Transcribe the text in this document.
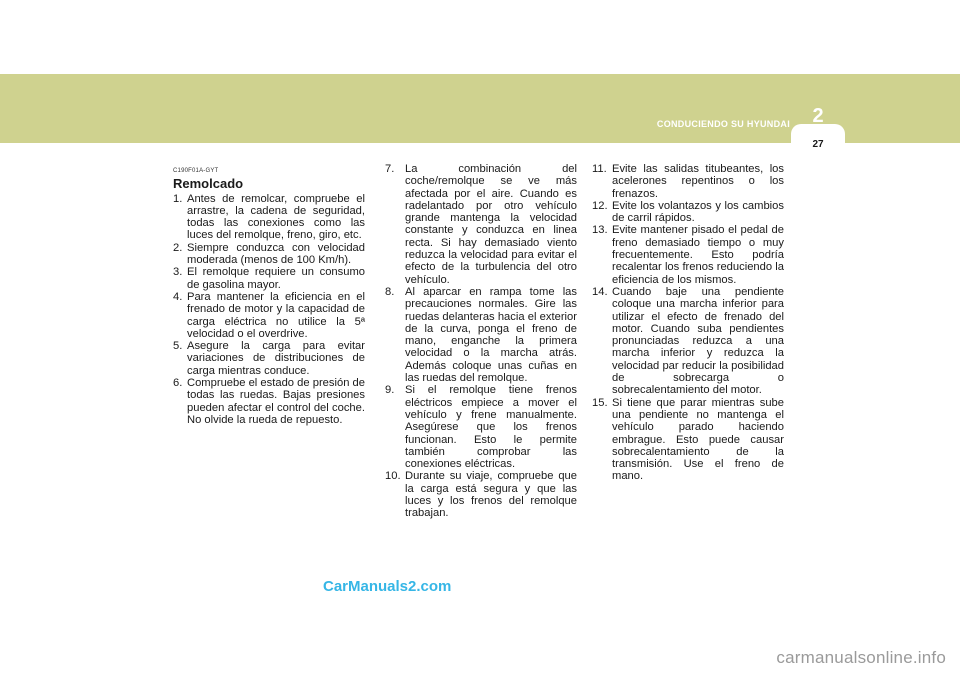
CONDUCIENDO SU HYUNDAI	2
27
C190F01A-GYT
Remolcado
1. Antes de remolcar, compruebe el arrastre, la cadena de seguridad, todas las conexiones como las luces del remolque, freno, giro, etc.
2. Siempre conduzca con velocidad moderada (menos de 100 Km/h).
3. El remolque requiere un consumo de gasolina mayor.
4. Para mantener la eficiencia en el frenado de motor y la capacidad de carga eléctrica no utilice la 5ª velocidad o el overdrive.
5. Asegure la carga para evitar variaciones de distribuciones de carga mientras conduce.
6. Compruebe el estado de presión de todas las ruedas. Bajas presiones pueden afectar el control del coche. No olvide la rueda de repuesto.
7. La combinación del coche/remolque se ve más afectada por el aire. Cuando es radelantado por otro vehículo grande mantenga la velocidad constante y conduzca en linea recta. Si hay demasiado viento reduzca la velocidad para evitar el efecto de la turbulencia del otro vehículo.
8. Al aparcar en rampa tome las precauciones normales. Gire las ruedas delanteras hacia el exterior de la curva, ponga el freno de mano, enganche la primera velocidad o la marcha atrás. Además coloque unas cuñas en las ruedas del remolque.
9. Si el remolque tiene frenos eléctricos empiece a mover el vehículo y frene manualmente. Asegúrese que los frenos funcionan. Esto le permite también comprobar las conexiones eléctricas.
10. Durante su viaje, compruebe que la carga está segura y que las luces y los frenos del remolque trabajan.
11. Evite las salidas titubeantes, los acelerones repentinos o los frenazos.
12. Evite los volantazos y los cambios de carril rápidos.
13. Evite mantener pisado el pedal de freno demasiado tiempo o muy frecuentemente. Esto podría recalentar los frenos reduciendo la eficiencia de los mismos.
14. Cuando baje una pendiente coloque una marcha inferior para utilizar el efecto de frenado del motor. Cuando suba pendientes pronunciadas reduzca a una marcha inferior y reduzca la velocidad par reducir la posibilidad de sobrecarga o sobrecalentamiento del motor.
15. Si tiene que parar mientras sube una pendiente no mantenga el vehículo parado haciendo embrague. Esto puede causar sobrecalentamiento de la transmisión. Use el freno de mano.
CarManuals2.com
carmanualsonline.info
